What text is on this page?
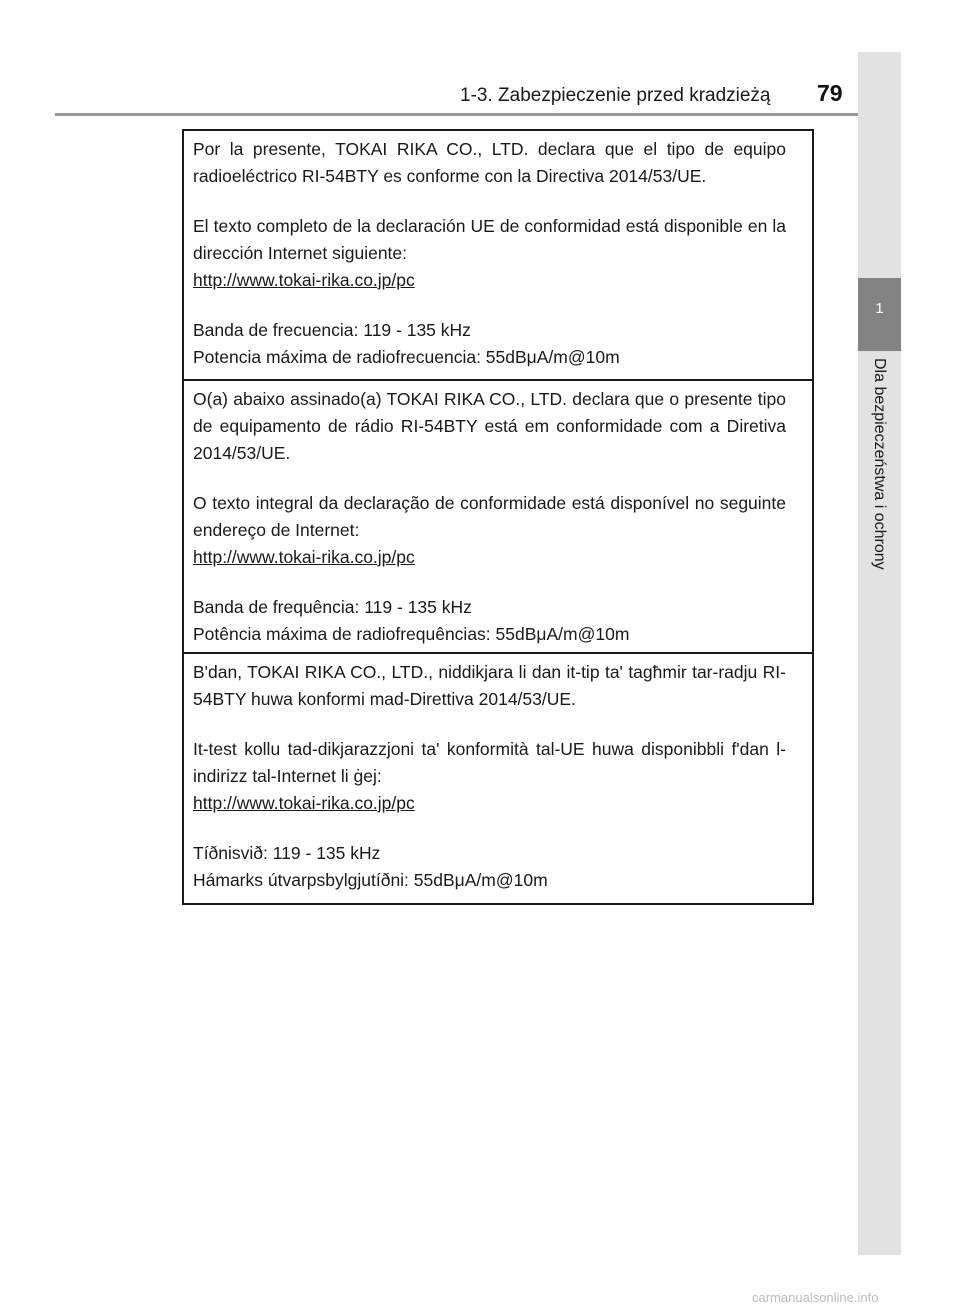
1-3. Zabezpieczenie przed kradzieżą 79
1
Dla bezpieczeństwa i ochrony

Por la presente, TOKAI RIKA CO., LTD. declara que el tipo de equipo radioeléctrico RI-54BTY es conforme con la Directiva 2014/53/UE.

El texto completo de la declaración UE de conformidad está disponible en la dirección Internet siguiente:
http://www.tokai-rika.co.jp/pc

Banda de frecuencia: 119 - 135 kHz
Potencia máxima de radiofrecuencia: 55dBμA/m@10m

O(a) abaixo assinado(a) TOKAI RIKA CO., LTD. declara que o presente tipo de equipamento de rádio RI-54BTY está em conformidade com a Diretiva 2014/53/UE.

O texto integral da declaração de conformidade está disponível no seguinte endereço de Internet:
http://www.tokai-rika.co.jp/pc

Banda de frequência: 119 - 135 kHz
Potência máxima de radiofrequências: 55dBμA/m@10m

B'dan, TOKAI RIKA CO., LTD., niddikjara li dan it-tip ta' tagħmir tar-radju RI-54BTY huwa konformi mad-Direttiva 2014/53/UE.

It-test kollu tad-dikjarazzjoni ta' konformità tal-UE huwa disponibbli f'dan l-indirizz tal-Internet li ġej:
http://www.tokai-rika.co.jp/pc

Tíðnisvið: 119 - 135 kHz
Hámarks útvarpsbylgjutíðni: 55dBμA/m@10m

carmanualsonline.info
